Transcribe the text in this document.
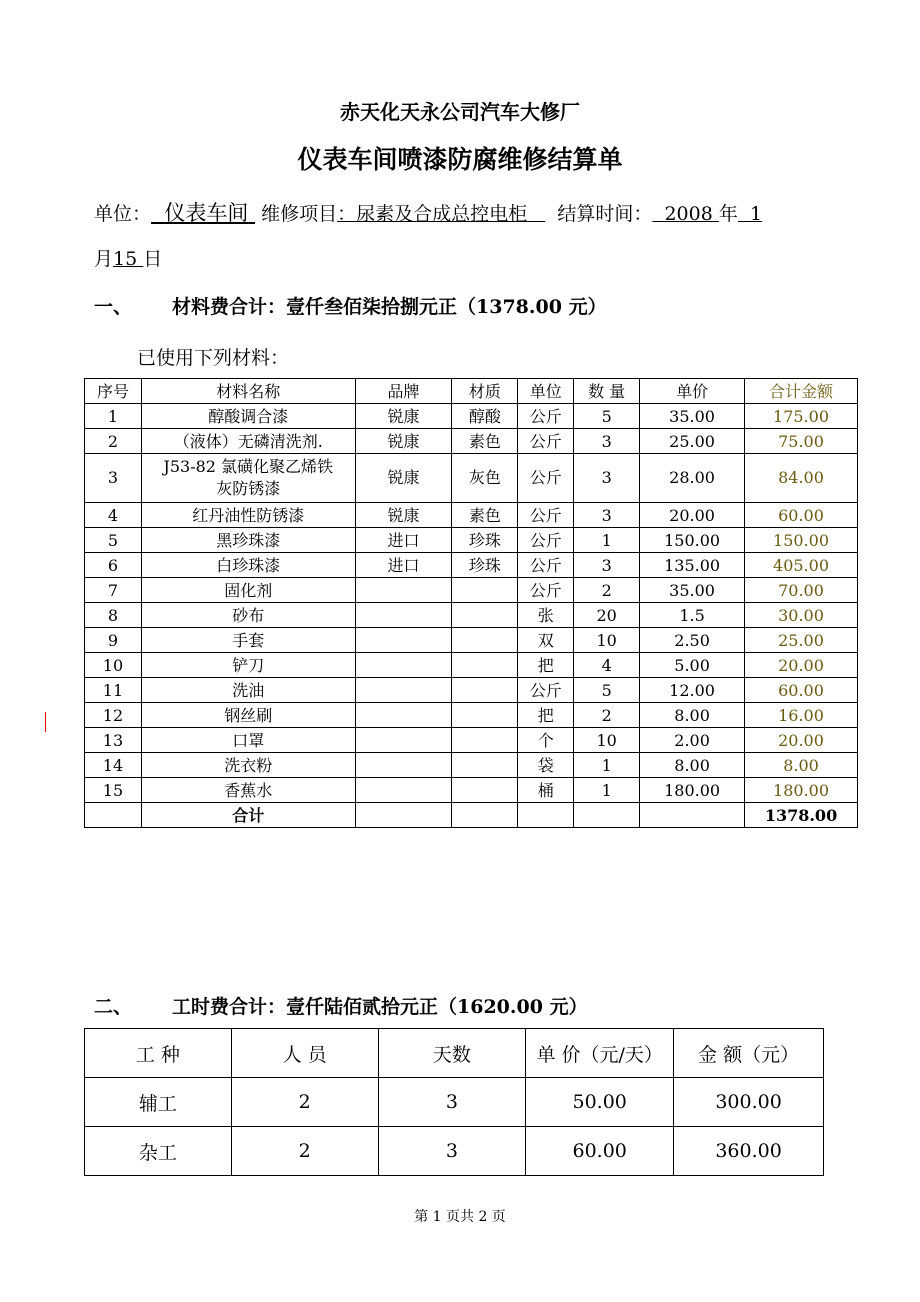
赤天化天永公司汽车大修厂
仪表车间喷漆防腐维修结算单
单位： 仪表车间 维修项目：尿素及合成总控电柜 结算时间： 2008 年 1
月15 日
一、 材料费合计：壹仟叁佰柒拾捌元正（1378.00 元）
已使用下列材料：
序号	材料名称	品牌	材质	单位	数 量	单价	合计金额
1	醇酸调合漆	锐康	醇酸	公斤	5	35.00	175.00
2	（液体）无磷清洗剂.	锐康	素色	公斤	3	25.00	75.00
3	J53-82 氯磺化聚乙烯铁
灰防锈漆	锐康	灰色	公斤	3	28.00	84.00
4	红丹油性防锈漆	锐康	素色	公斤	3	20.00	60.00
5	黑珍珠漆	进口	珍珠	公斤	1	150.00	150.00
6	白珍珠漆	进口	珍珠	公斤	3	135.00	405.00
7	固化剂			公斤	2	35.00	70.00
8	砂布			张	20	1.5	30.00
9	手套			双	10	2.50	25.00
10	铲刀			把	4	5.00	20.00
11	洗油			公斤	5	12.00	60.00
12	钢丝刷			把	2	8.00	16.00
13	口罩			个	10	2.00	20.00
14	洗衣粉			袋	1	8.00	8.00
15	香蕉水			桶	1	180.00	180.00
	合计						1378.00
二、 工时费合计：壹仟陆佰贰拾元正（1620.00 元）
工 种	人 员	天数	单 价（元/天）	金 额（元）
辅工	2	3	50.00	300.00
杂工	2	3	60.00	360.00
第 1 页共 2 页
